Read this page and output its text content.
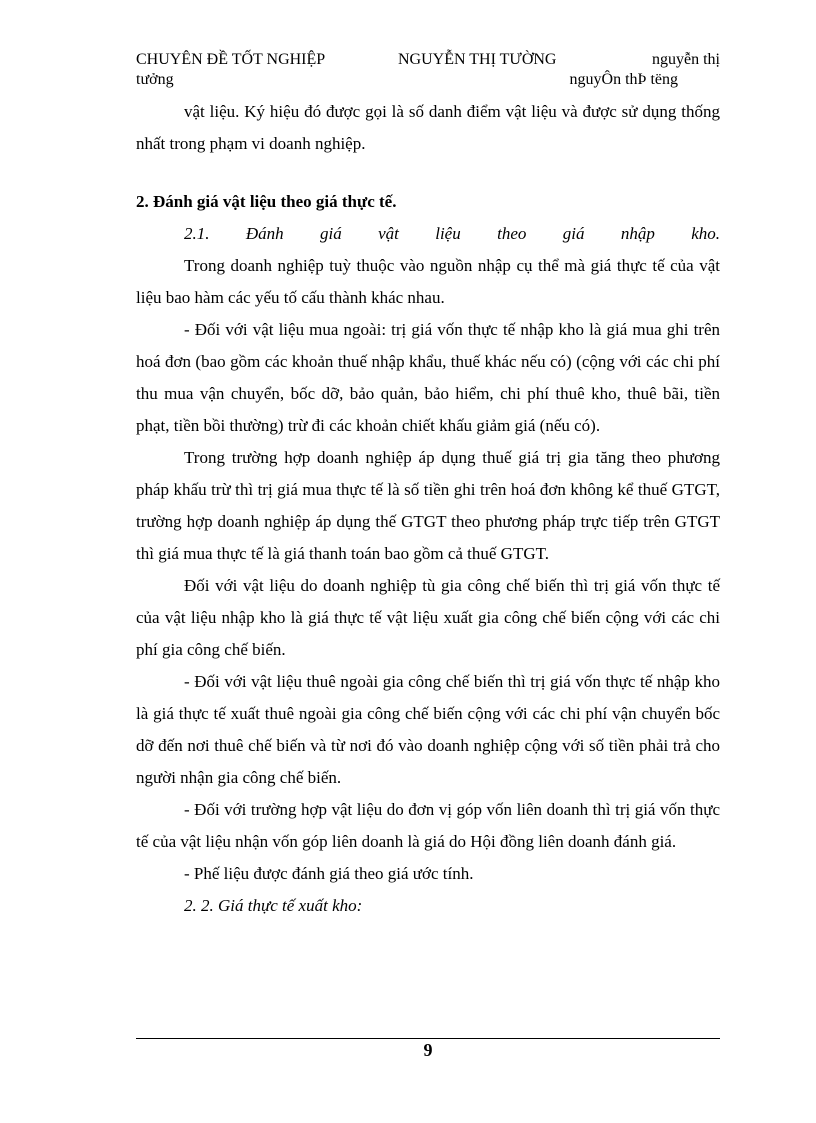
CHUYÊN ĐỀ TỐT NGHIỆP	NGUYỄN THỊ TƯỜNG	nguyễn thị
tưởng	nguyÔn thÞ tëng

vật liệu. Ký hiệu đó được gọi là số danh điểm vật liệu và được sử dụng thống nhất trong phạm vi doanh nghiệp.

2. Đánh giá vật liệu theo giá thực tế.

2.1. Đánh giá vật liệu theo giá nhập kho.

Trong doanh nghiệp tuỳ thuộc vào nguồn nhập cụ thể mà giá thực tế của vật liệu bao hàm các yếu tố cấu thành khác nhau.

- Đối với vật liệu mua ngoài: trị giá vốn thực tế nhập kho là giá mua ghi trên hoá đơn (bao gồm các khoản thuế nhập khẩu, thuế khác nếu có) (cộng với các chi phí thu mua vận chuyển, bốc dỡ, bảo quản, bảo hiểm, chi phí thuê kho, thuê bãi, tiền phạt, tiền bồi thường) trừ đi các khoản chiết khấu giảm giá (nếu có).

Trong trường hợp doanh nghiệp áp dụng thuế giá trị gia tăng theo phương pháp khấu trừ thì trị giá mua thực tế là số tiền ghi trên hoá đơn không kể thuế GTGT, trường hợp doanh nghiệp áp dụng thế GTGT theo phương pháp trực tiếp trên GTGT thì giá mua thực tế là giá thanh toán bao gồm cả thuế GTGT.

Đối với vật liệu do doanh nghiệp tù gia công chế biến thì trị giá vốn thực tế của vật liệu nhập kho là giá thực tế vật liệu xuất gia công chế biến cộng với các chi phí gia công chế biến.

- Đối với vật liệu thuê ngoài gia công chế biến thì trị giá vốn thực tế nhập kho là giá thực tế xuất thuê ngoài gia công chế biến cộng với các chi phí vận chuyển bốc dỡ đến nơi thuê chế biến và từ nơi đó vào doanh nghiệp cộng với số tiền phải trả cho người nhận gia công chế biến.

- Đối với trường hợp vật liệu do đơn vị góp vốn liên doanh thì trị giá vốn thực tế của vật liệu nhận vốn góp liên doanh là giá do Hội đồng liên doanh đánh giá.

- Phế liệu được đánh giá theo giá ước tính.

2. 2. Giá thực tế xuất kho:

9
